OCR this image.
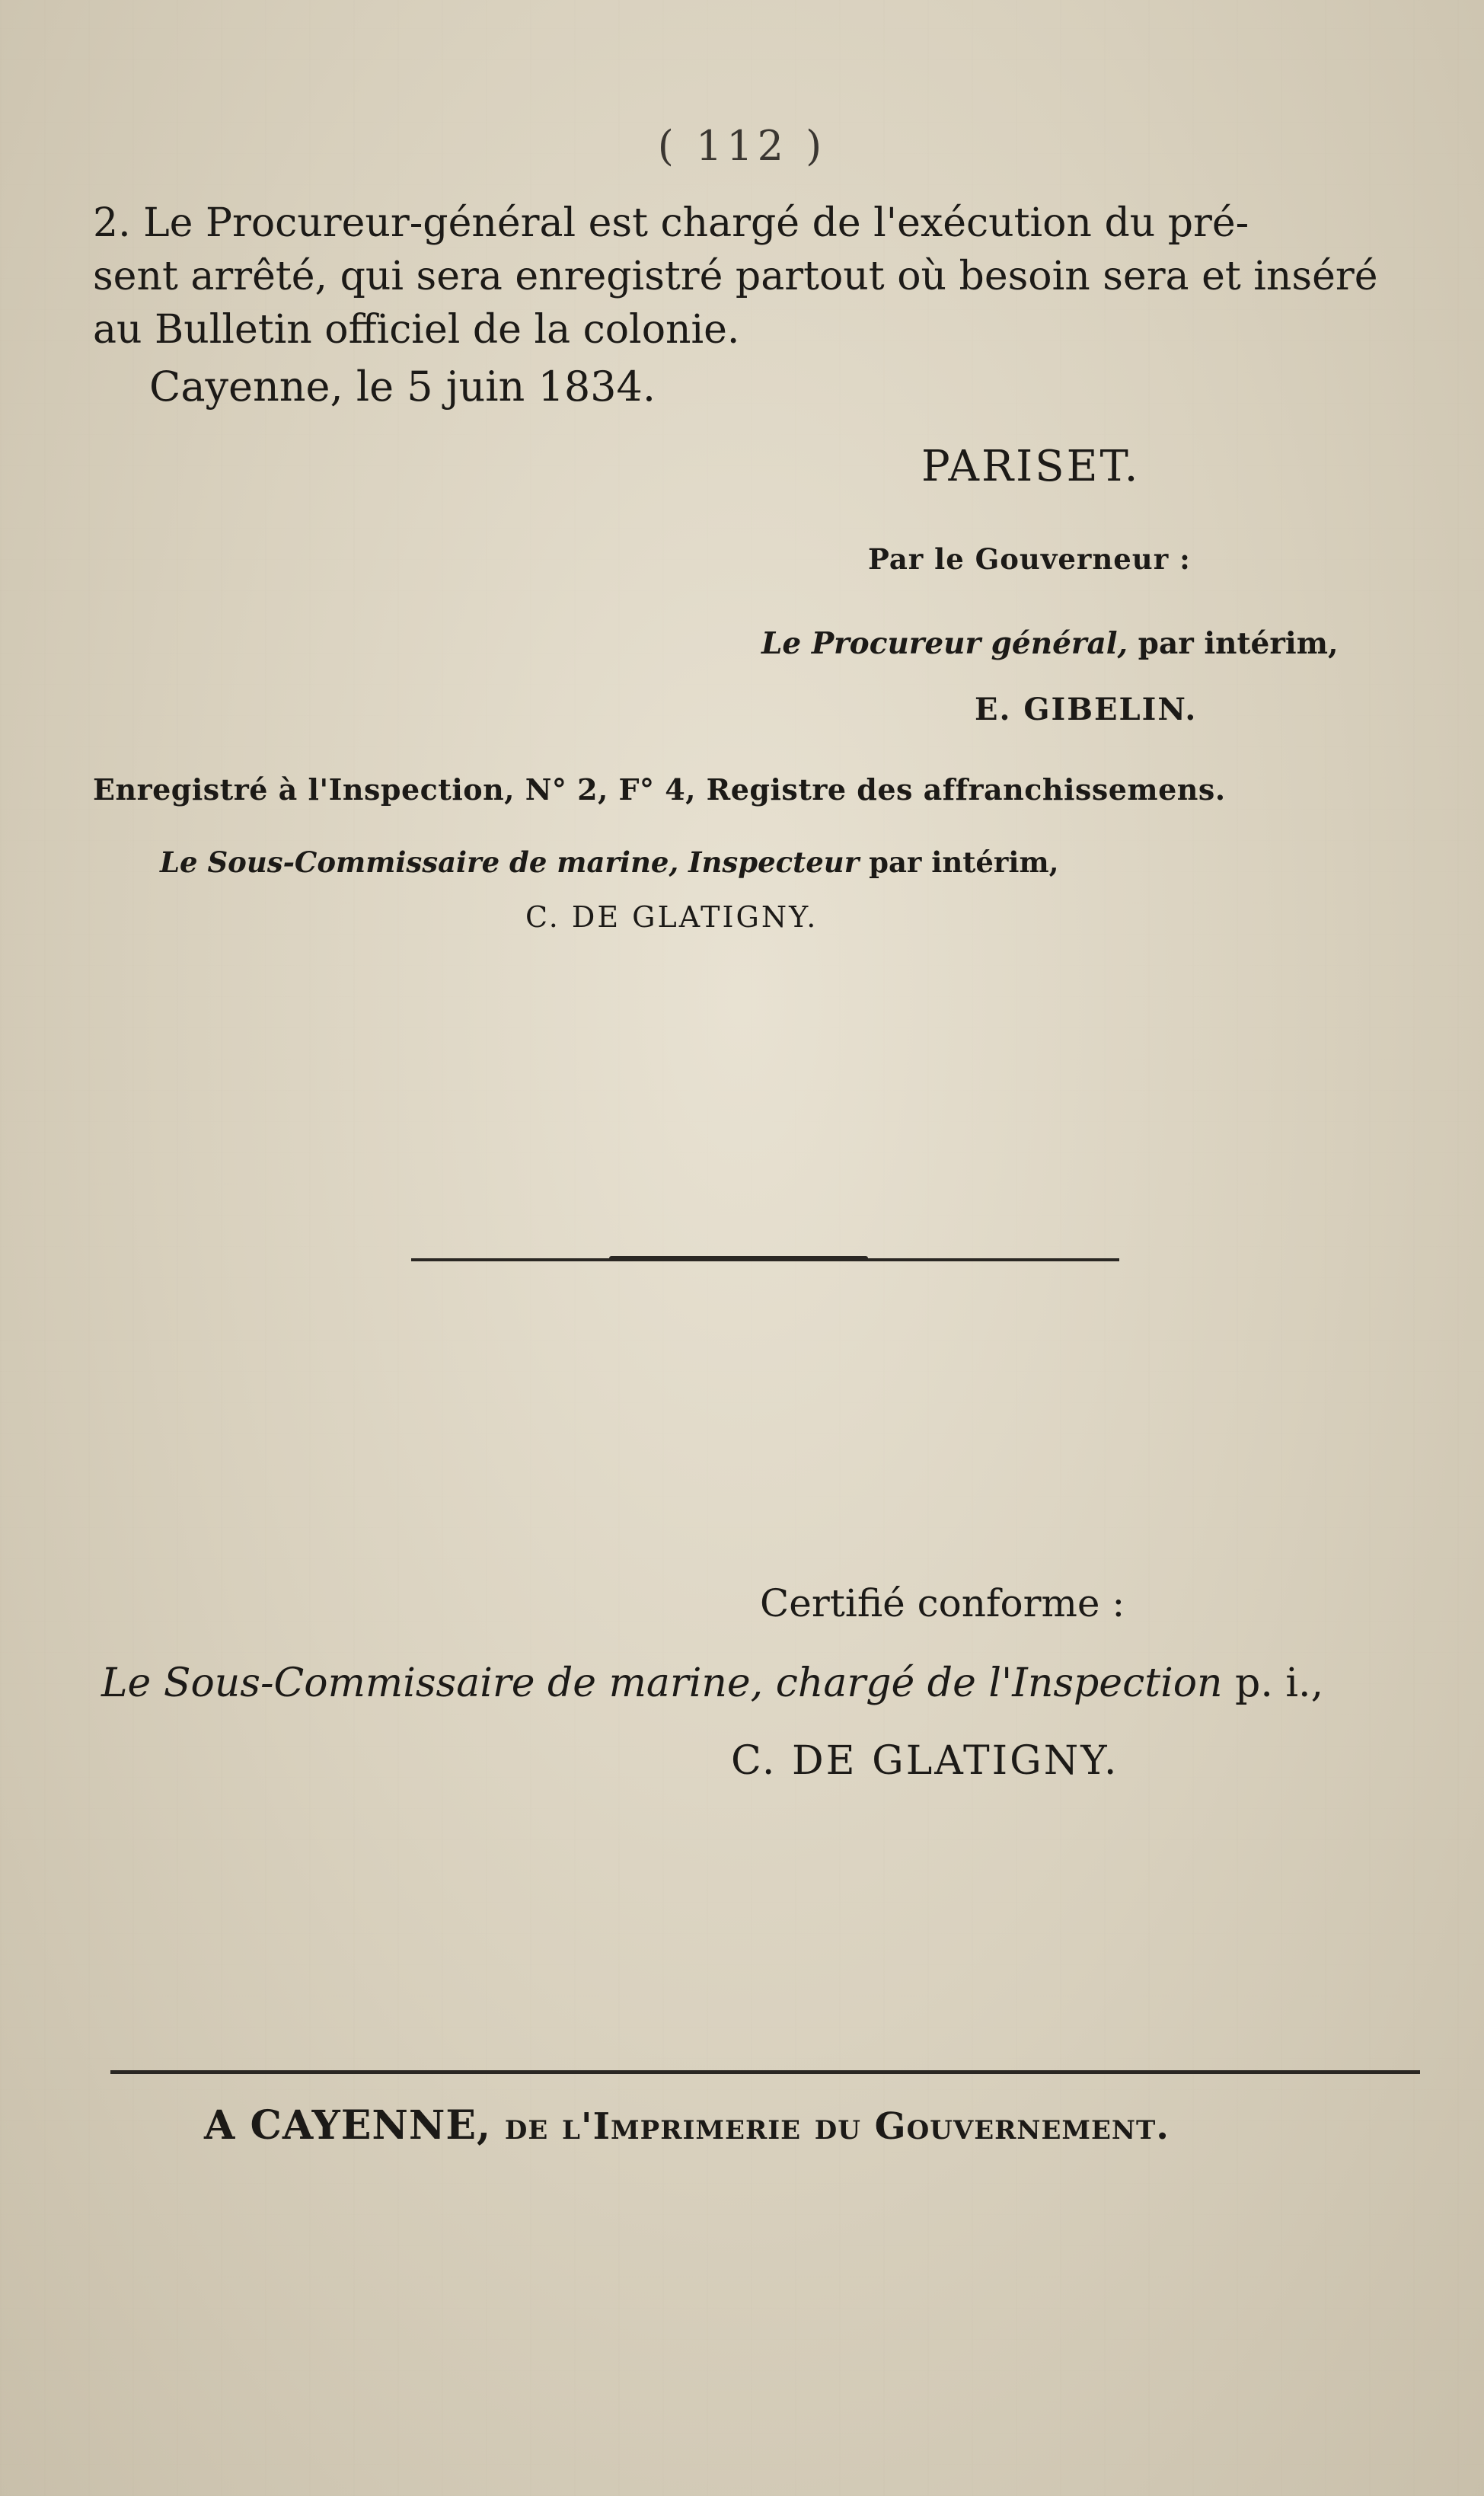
( 112 )

2. Le Procureur-général est chargé de l'exécution du pré-

sent arrêté, qui sera enregistré partout où besoin sera et inséré

au Bulletin officiel de la colonie.

Cayenne, le 5 juin 1834.
PARISET.
Par le Gouverneur :
Le Procureur général, par intérim,
E. GIBELIN.
Enregistré à l'Inspection, N° 2, F° 4, Registre des affranchissemens.
Le Sous-Commissaire de marine, Inspecteur par intérim,
C. DE GLATIGNY.
Certifié conforme :
Le Sous-Commissaire de marine, chargé de l'Inspection p. i.,
C. DE GLATIGNY.
A CAYENNE, de l'Imprimerie du Gouvernement.
